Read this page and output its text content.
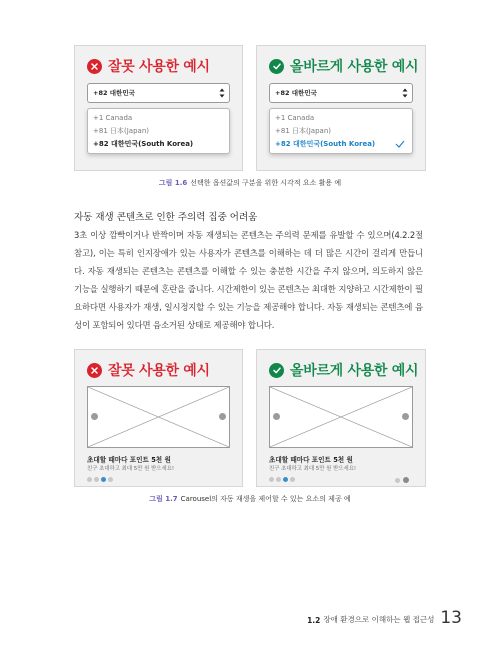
잘못 사용한 예시
+82 대한민국
+1 Canada
+81 日本(Japan)
+82 대한민국(South Korea)
올바르게 사용한 예시
+82 대한민국
+1 Canada
+81 日本(Japan)
+82 대한민국(South Korea)
그림 1.6 선택한 옵션값의 구분을 위한 시각적 요소 활용 예
자동 재생 콘텐츠로 인한 주의력 집중 어려움

3초 이상 깜빡이거나 반짝이며 자동 재생되는 콘텐츠는 주의력 문제를 유발할 수 있으며(4.2.2절 참고), 이는 특히 인지장애가 있는 사용자가 콘텐츠를 이해하는 데 더 많은 시간이 걸리게 만듭니다. 자동 재생되는 콘텐츠는 콘텐츠를 이해할 수 있는 충분한 시간을 주지 않으며, 의도하지 않은 기능을 실행하기 때문에 혼란을 줍니다. 시간제한이 있는 콘텐츠는 최대한 지양하고 시간제한이 필요하다면 사용자가 재생, 일시정지할 수 있는 기능을 제공해야 합니다. 자동 재생되는 콘텐츠에 음성이 포함되어 있다면 음소거된 상태로 제공해야 합니다.

잘못 사용한 예시
초대할 때마다 포인트 5천 원
친구 초대하고 최대 5만 원 받으세요!
올바르게 사용한 예시
초대할 때마다 포인트 5천 원
친구 초대하고 최대 5만 원 받으세요!
그림 1.7 Carousel의 자동 재생을 제어할 수 있는 요소의 제공 예
1.2 장애 환경으로 이해하는 웹 접근성 13
